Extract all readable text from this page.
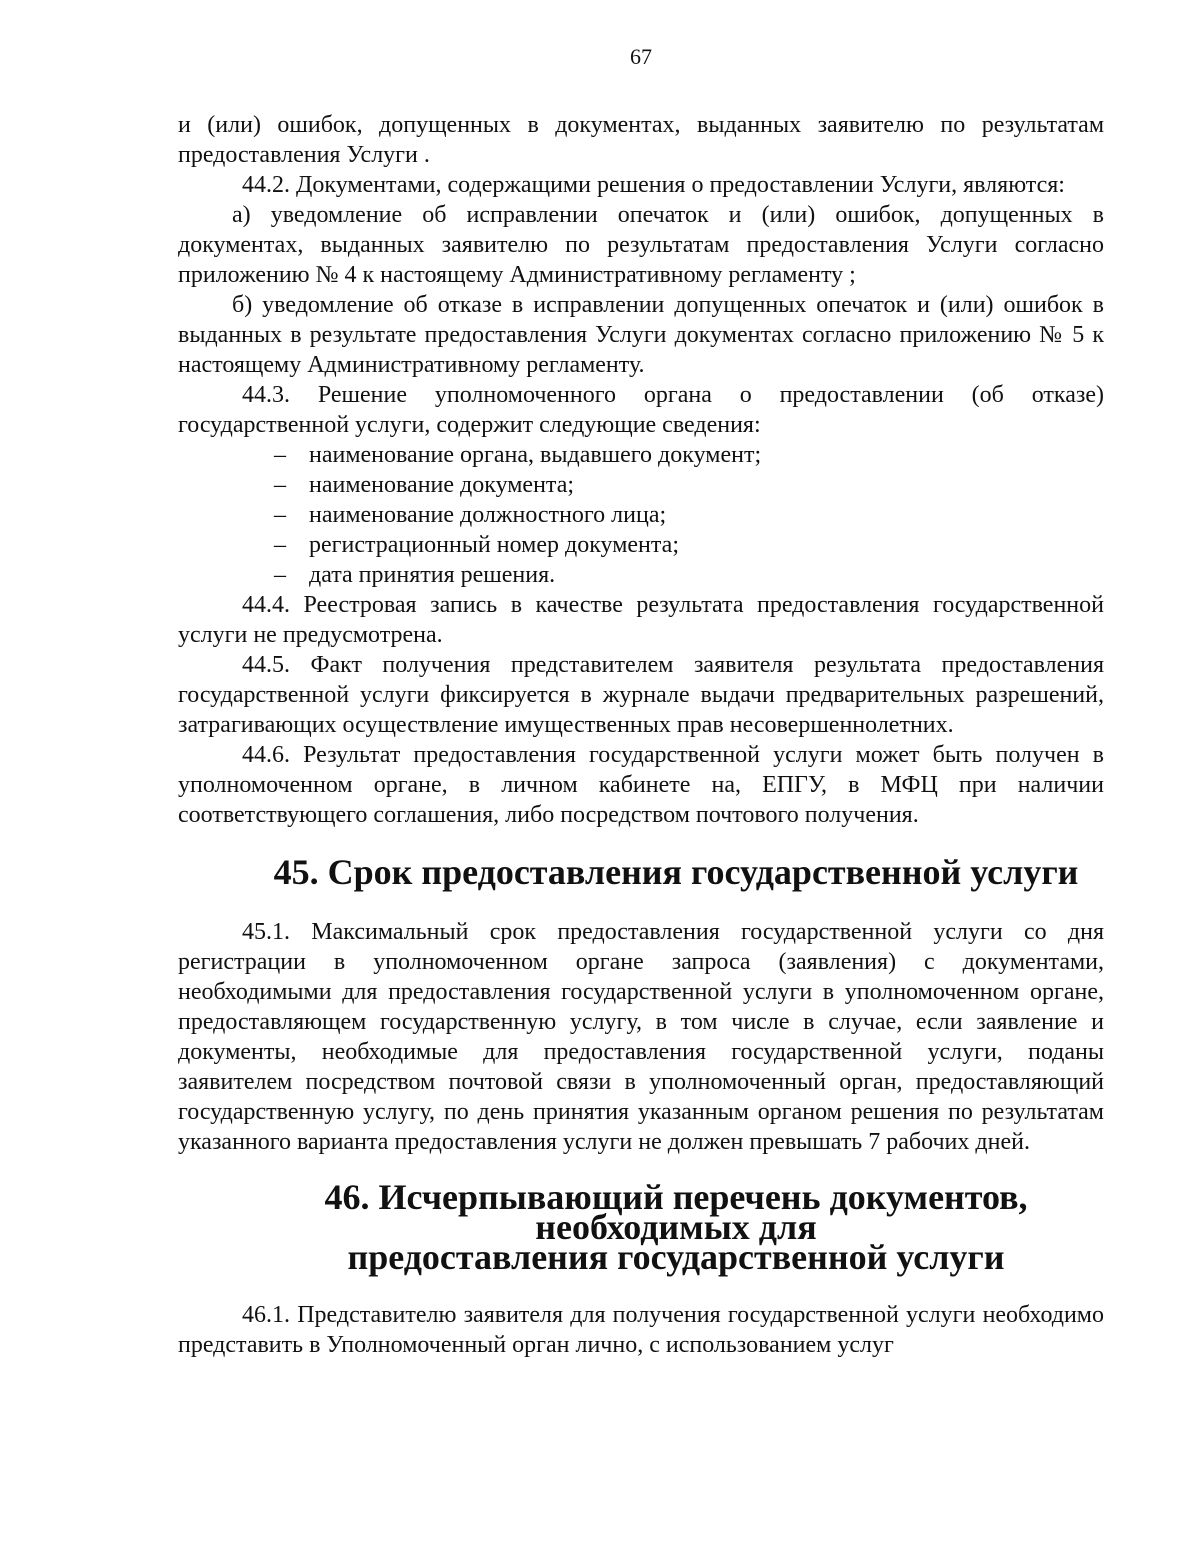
67

и (или) ошибок, допущенных в документах, выданных заявителю по результатам предоставления Услуги .

44.2. Документами, содержащими решения о предоставлении Услуги, являются:

а) уведомление об исправлении опечаток и (или) ошибок, допущенных в документах, выданных заявителю по результатам предоставления Услуги согласно приложению № 4 к настоящему Административному регламенту ;

б) уведомление об отказе в исправлении допущенных опечаток и (или) ошибок в выданных в результате предоставления Услуги документах согласно приложению № 5 к настоящему Административному регламенту.

44.3. Решение уполномоченного органа о предоставлении (об отказе) государственной услуги, содержит следующие сведения:

– наименование органа, выдавшего документ;
– наименование документа;
– наименование должностного лица;
– регистрационный номер документа;
– дата принятия решения.

44.4. Реестровая запись в качестве результата предоставления государственной услуги не предусмотрена.

44.5. Факт получения представителем заявителя результата предоставления государственной услуги фиксируется в журнале выдачи предварительных разрешений, затрагивающих осуществление имущественных прав несовершеннолетних.

44.6. Результат предоставления государственной услуги может быть получен в уполномоченном органе, в личном кабинете на, ЕПГУ, в МФЦ при наличии соответствующего соглашения, либо посредством почтового получения.

45. Срок предоставления государственной услуги

45.1. Максимальный срок предоставления государственной услуги со дня регистрации в уполномоченном органе запроса (заявления) с документами, необходимыми для предоставления государственной услуги в уполномоченном органе, предоставляющем государственную услугу, в том числе в случае, если заявление и документы, необходимые для предоставления государственной услуги, поданы заявителем посредством почтовой связи в уполномоченный орган, предоставляющий государственную услугу, по день принятия указанным органом решения по результатам указанного варианта предоставления услуги не должен превышать 7 рабочих дней.

46. Исчерпывающий перечень документов, необходимых для
предоставления государственной услуги

46.1. Представителю заявителя для получения государственной услуги необходимо представить в Уполномоченный орган лично, с использованием услуг
